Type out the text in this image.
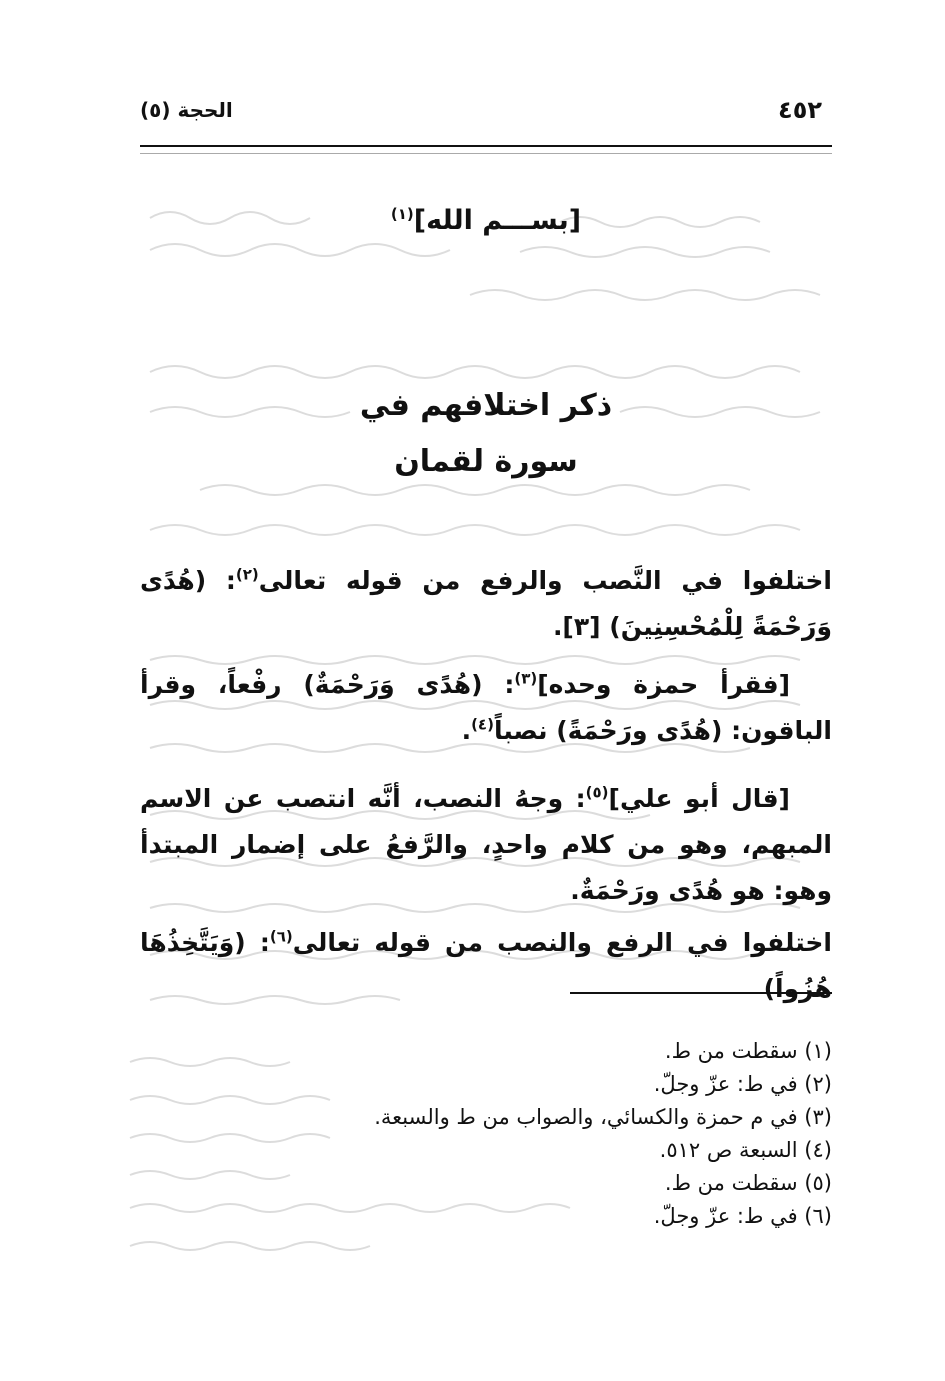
٤٥٢
الحجة (٥)
[بســـم الله]$^{(١)}$
ذكر اختلافهم في
سورة لقمان
اختلفوا في النَّصب والرفع من قوله تعالى$^{(٢)}$: (هُدًى وَرَحْمَةً لِلْمُحْسِنِينَ) [٣].
[فقرأ حمزة وحده]$^{(٣)}$: (هُدًى وَرَحْمَةٌ) رفْعاً، وقرأ الباقون: (هُدًى ورَحْمَةً) نصباً$^{(٤)}$.
[قال أبو علي]$^{(٥)}$: وجهُ النصب، أنَّه انتصب عن الاسم المبهم، وهو من كلام واحدٍ، والرَّفعُ على إضمار المبتدأ وهو: هو هُدًى ورَحْمَةٌ.
اختلفوا في الرفع والنصب من قوله تعالى$^{(٦)}$: (وَيَتَّخِذُهَا هُزُواً)
(١) سقطت من ط.
(٢) في ط: عزّ وجلّ.
(٣) في م حمزة والكسائي، والصواب من ط والسبعة.
(٤) السبعة ص ٥١٢.
(٥) سقطت من ط.
(٦) في ط: عزّ وجلّ.
